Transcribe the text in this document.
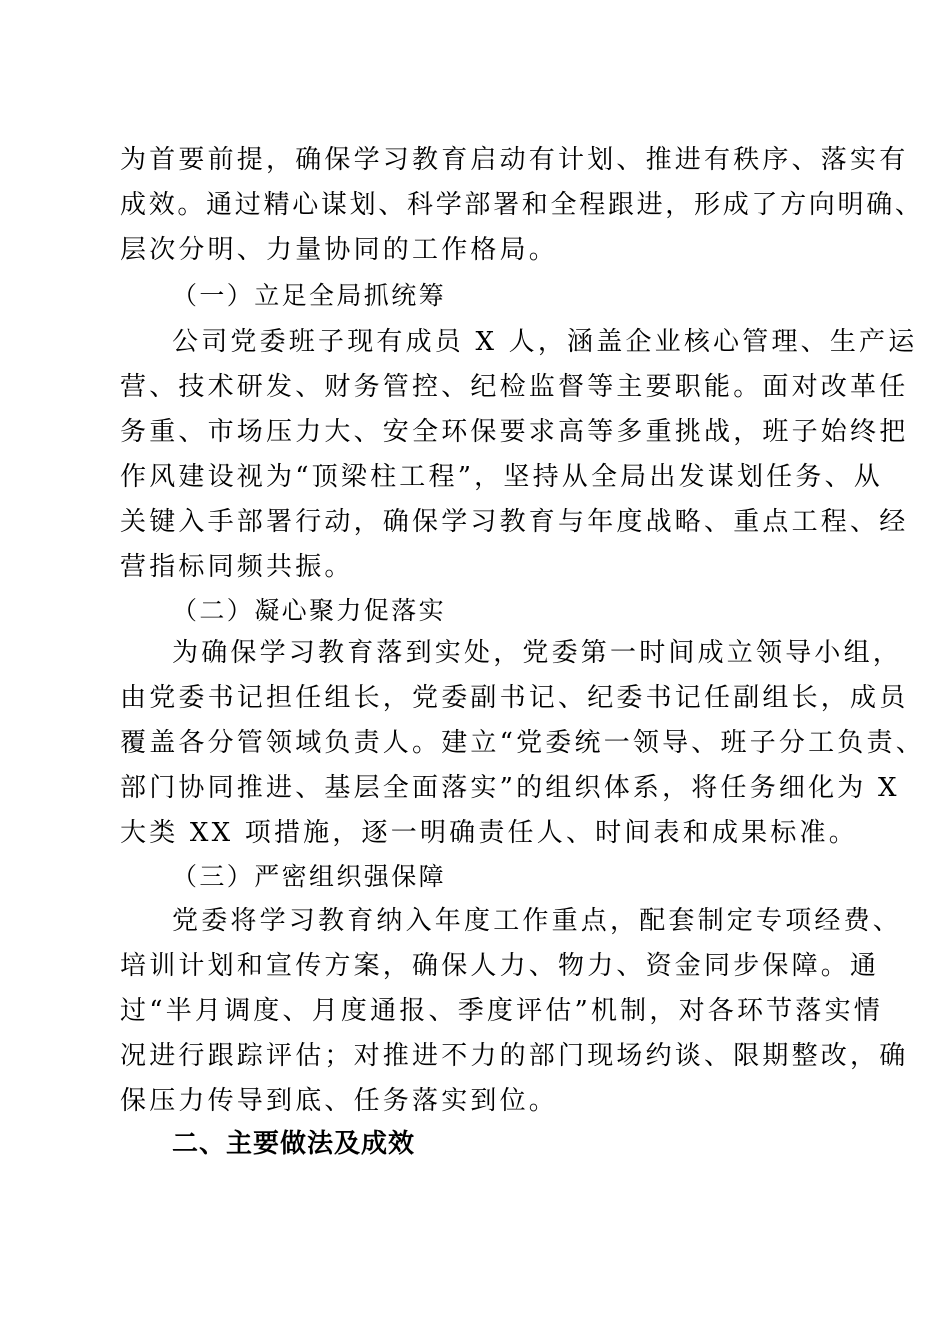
为首要前提，确保学习教育启动有计划、推进有秩序、落实有
成效。通过精心谋划、科学部署和全程跟进，形成了方向明确、
层次分明、力量协同的工作格局。
（一）立足全局抓统筹
公司党委班子现有成员 X 人，涵盖企业核心管理、生产运
营、技术研发、财务管控、纪检监督等主要职能。面对改革任
务重、市场压力大、安全环保要求高等多重挑战，班子始终把
作风建设视为“顶梁柱工程”，坚持从全局出发谋划任务、从
关键入手部署行动，确保学习教育与年度战略、重点工程、经
营指标同频共振。
（二）凝心聚力促落实
为确保学习教育落到实处，党委第一时间成立领导小组，
由党委书记担任组长，党委副书记、纪委书记任副组长，成员
覆盖各分管领域负责人。建立“党委统一领导、班子分工负责、
部门协同推进、基层全面落实”的组织体系，将任务细化为 X
大类 XX 项措施，逐一明确责任人、时间表和成果标准。
（三）严密组织强保障
党委将学习教育纳入年度工作重点，配套制定专项经费、
培训计划和宣传方案，确保人力、物力、资金同步保障。通
过“半月调度、月度通报、季度评估”机制，对各环节落实情
况进行跟踪评估；对推进不力的部门现场约谈、限期整改，确
保压力传导到底、任务落实到位。
二、主要做法及成效
